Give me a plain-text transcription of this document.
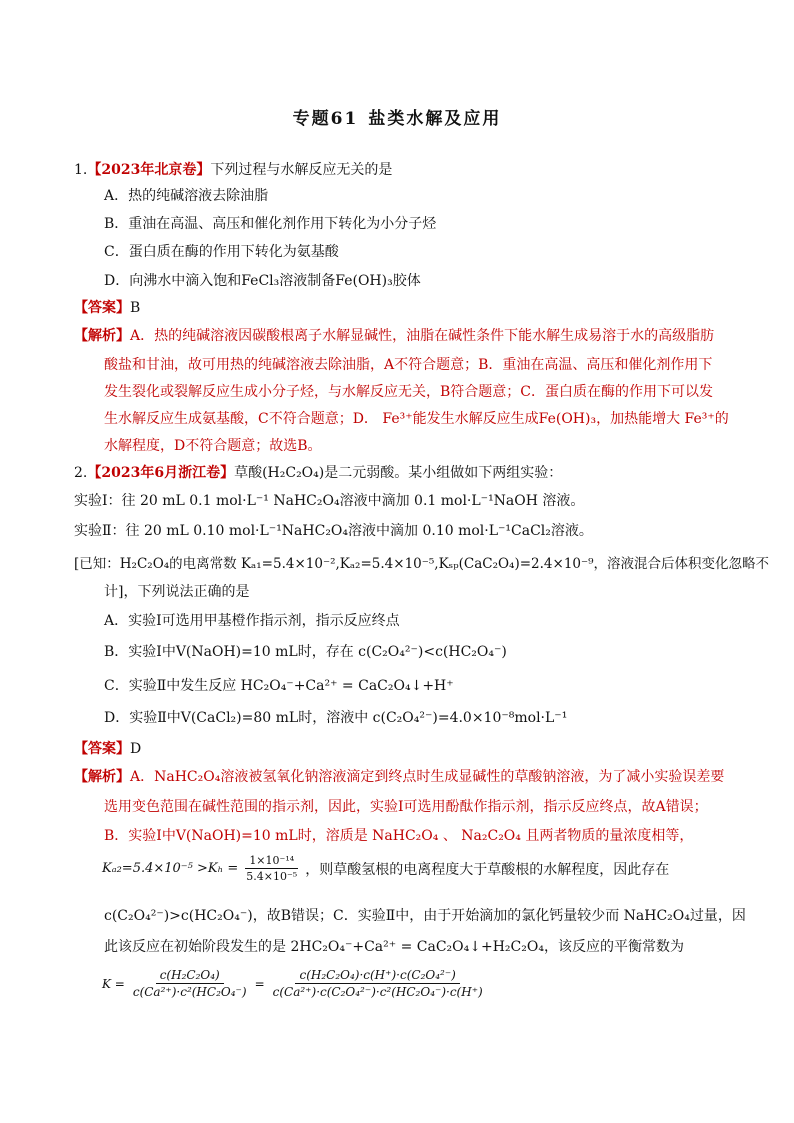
专题61 盐类水解及应用
1.【2023年北京卷】下列过程与水解反应无关的是
A．热的纯碱溶液去除油脂
B．重油在高温、高压和催化剂作用下转化为小分子烃
C．蛋白质在酶的作用下转化为氨基酸
D．向沸水中滴入饱和FeCl₃溶液制备Fe(OH)₃胶体
【答案】B
【解析】A．热的纯碱溶液因碳酸根离子水解显碱性，油脂在碱性条件下能水解生成易溶于水的高级脂肪
酸盐和甘油，故可用热的纯碱溶液去除油脂，A不符合题意；B．重油在高温、高压和催化剂作用下
发生裂化或裂解反应生成小分子烃，与水解反应无关，B符合题意；C．蛋白质在酶的作用下可以发
生水解反应生成氨基酸，C不符合题意；D． Fe³⁺能发生水解反应生成Fe(OH)₃，加热能增大 Fe³⁺的
水解程度，D不符合题意；故选B。
2.【2023年6月浙江卷】草酸(H₂C₂O₄)是二元弱酸。某小组做如下两组实验：
实验Ⅰ：往 20 mL 0.1 mol·L⁻¹ NaHC₂O₄溶液中滴加 0.1 mol·L⁻¹NaOH 溶液。
实验Ⅱ：往 20 mL 0.10 mol·L⁻¹NaHC₂O₄溶液中滴加 0.10 mol·L⁻¹CaCl₂溶液。
[已知：H₂C₂O₄的电离常数 Kₐ₁=5.4×10⁻²,Kₐ₂=5.4×10⁻⁵,Kₛₚ(CaC₂O₄)=2.4×10⁻⁹，溶液混合后体积变化忽略不
计]，下列说法正确的是
A．实验Ⅰ可选用甲基橙作指示剂，指示反应终点
B．实验Ⅰ中V(NaOH)=10 mL时，存在 c(C₂O₄²⁻)<c(HC₂O₄⁻)
C．实验Ⅱ中发生反应 HC₂O₄⁻+Ca²⁺ = CaC₂O₄↓+H⁺
D．实验Ⅱ中V(CaCl₂)=80 mL时，溶液中 c(C₂O₄²⁻)=4.0×10⁻⁸mol·L⁻¹
【答案】D
【解析】A．NaHC₂O₄溶液被氢氧化钠溶液滴定到终点时生成显碱性的草酸钠溶液，为了减小实验误差要
选用变色范围在碱性范围的指示剂，因此，实验Ⅰ可选用酚酞作指示剂，指示反应终点，故A错误；
B．实验Ⅰ中V(NaOH)=10 mL时，溶质是 NaHC₂O₄ 、 Na₂C₂O₄ 且两者物质的量浓度相等，
$K_{a2}=5.4\times 10^{-5} >K_h = \frac{\text{1×10⁻¹⁴}}{\text{5.4×10⁻⁵}}$ ，则草酸氢根的电离程度大于草酸根的水解程度，因此存在
c(C₂O₄²⁻)>c(HC₂O₄⁻)，故B错误；C．实验Ⅱ中，由于开始滴加的氯化钙量较少而 NaHC₂O₄过量，因
此该反应在初始阶段发生的是 2HC₂O₄⁻+Ca²⁺ = CaC₂O₄↓+H₂C₂O₄，该反应的平衡常数为
$K = \frac{\text{c(H₂C₂O₄)}}{\text{c(Ca²⁺)·c²(HC₂O₄⁻)}} = \frac{\text{c(H₂C₂O₄)·c(H⁺)·c(C₂O₄²⁻)}}{\text{c(Ca²⁺)·c(C₂O₄²⁻)·c²(HC₂O₄⁻)·c(H⁺)}}$
